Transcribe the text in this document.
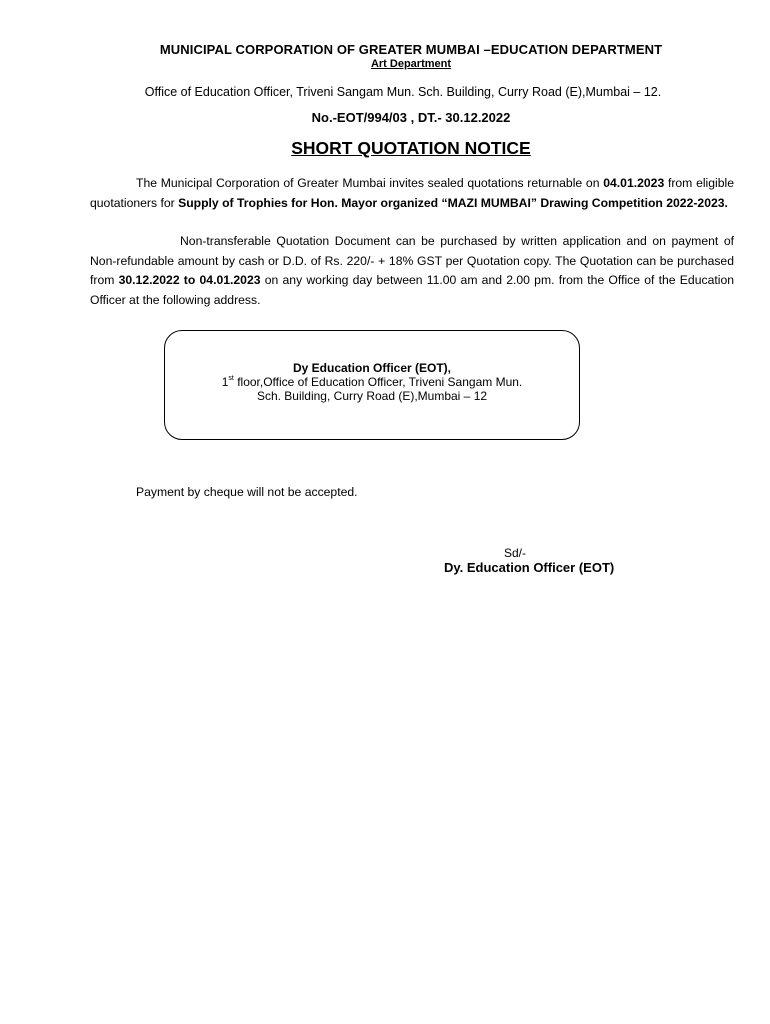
MUNICIPAL CORPORATION OF GREATER MUMBAI –EDUCATION DEPARTMENT
Art Department
Office of Education Officer, Triveni Sangam Mun. Sch. Building, Curry Road (E),Mumbai – 12.
No.-EOT/994/03 , DT.- 30.12.2022
SHORT QUOTATION NOTICE

The Municipal Corporation of Greater Mumbai invites sealed quotations returnable on 04.01.2023 from eligible quotationers for Supply of Trophies for Hon. Mayor organized “MAZI MUMBAI” Drawing Competition 2022-2023.

Non-transferable Quotation Document can be purchased by written application and on payment of Non-refundable amount by cash or D.D. of Rs. 220/- + 18% GST per Quotation copy. The Quotation can be purchased from 30.12.2022 to 04.01.2023 on any working day between 11.00 am and 2.00 pm. from the Office of the Education Officer at the following address.

Dy Education Officer (EOT),
1st floor,Office of Education Officer, Triveni Sangam Mun.
Sch. Building, Curry Road (E),Mumbai – 12
Payment by cheque will not be accepted.
Sd/-
Dy. Education Officer (EOT)
